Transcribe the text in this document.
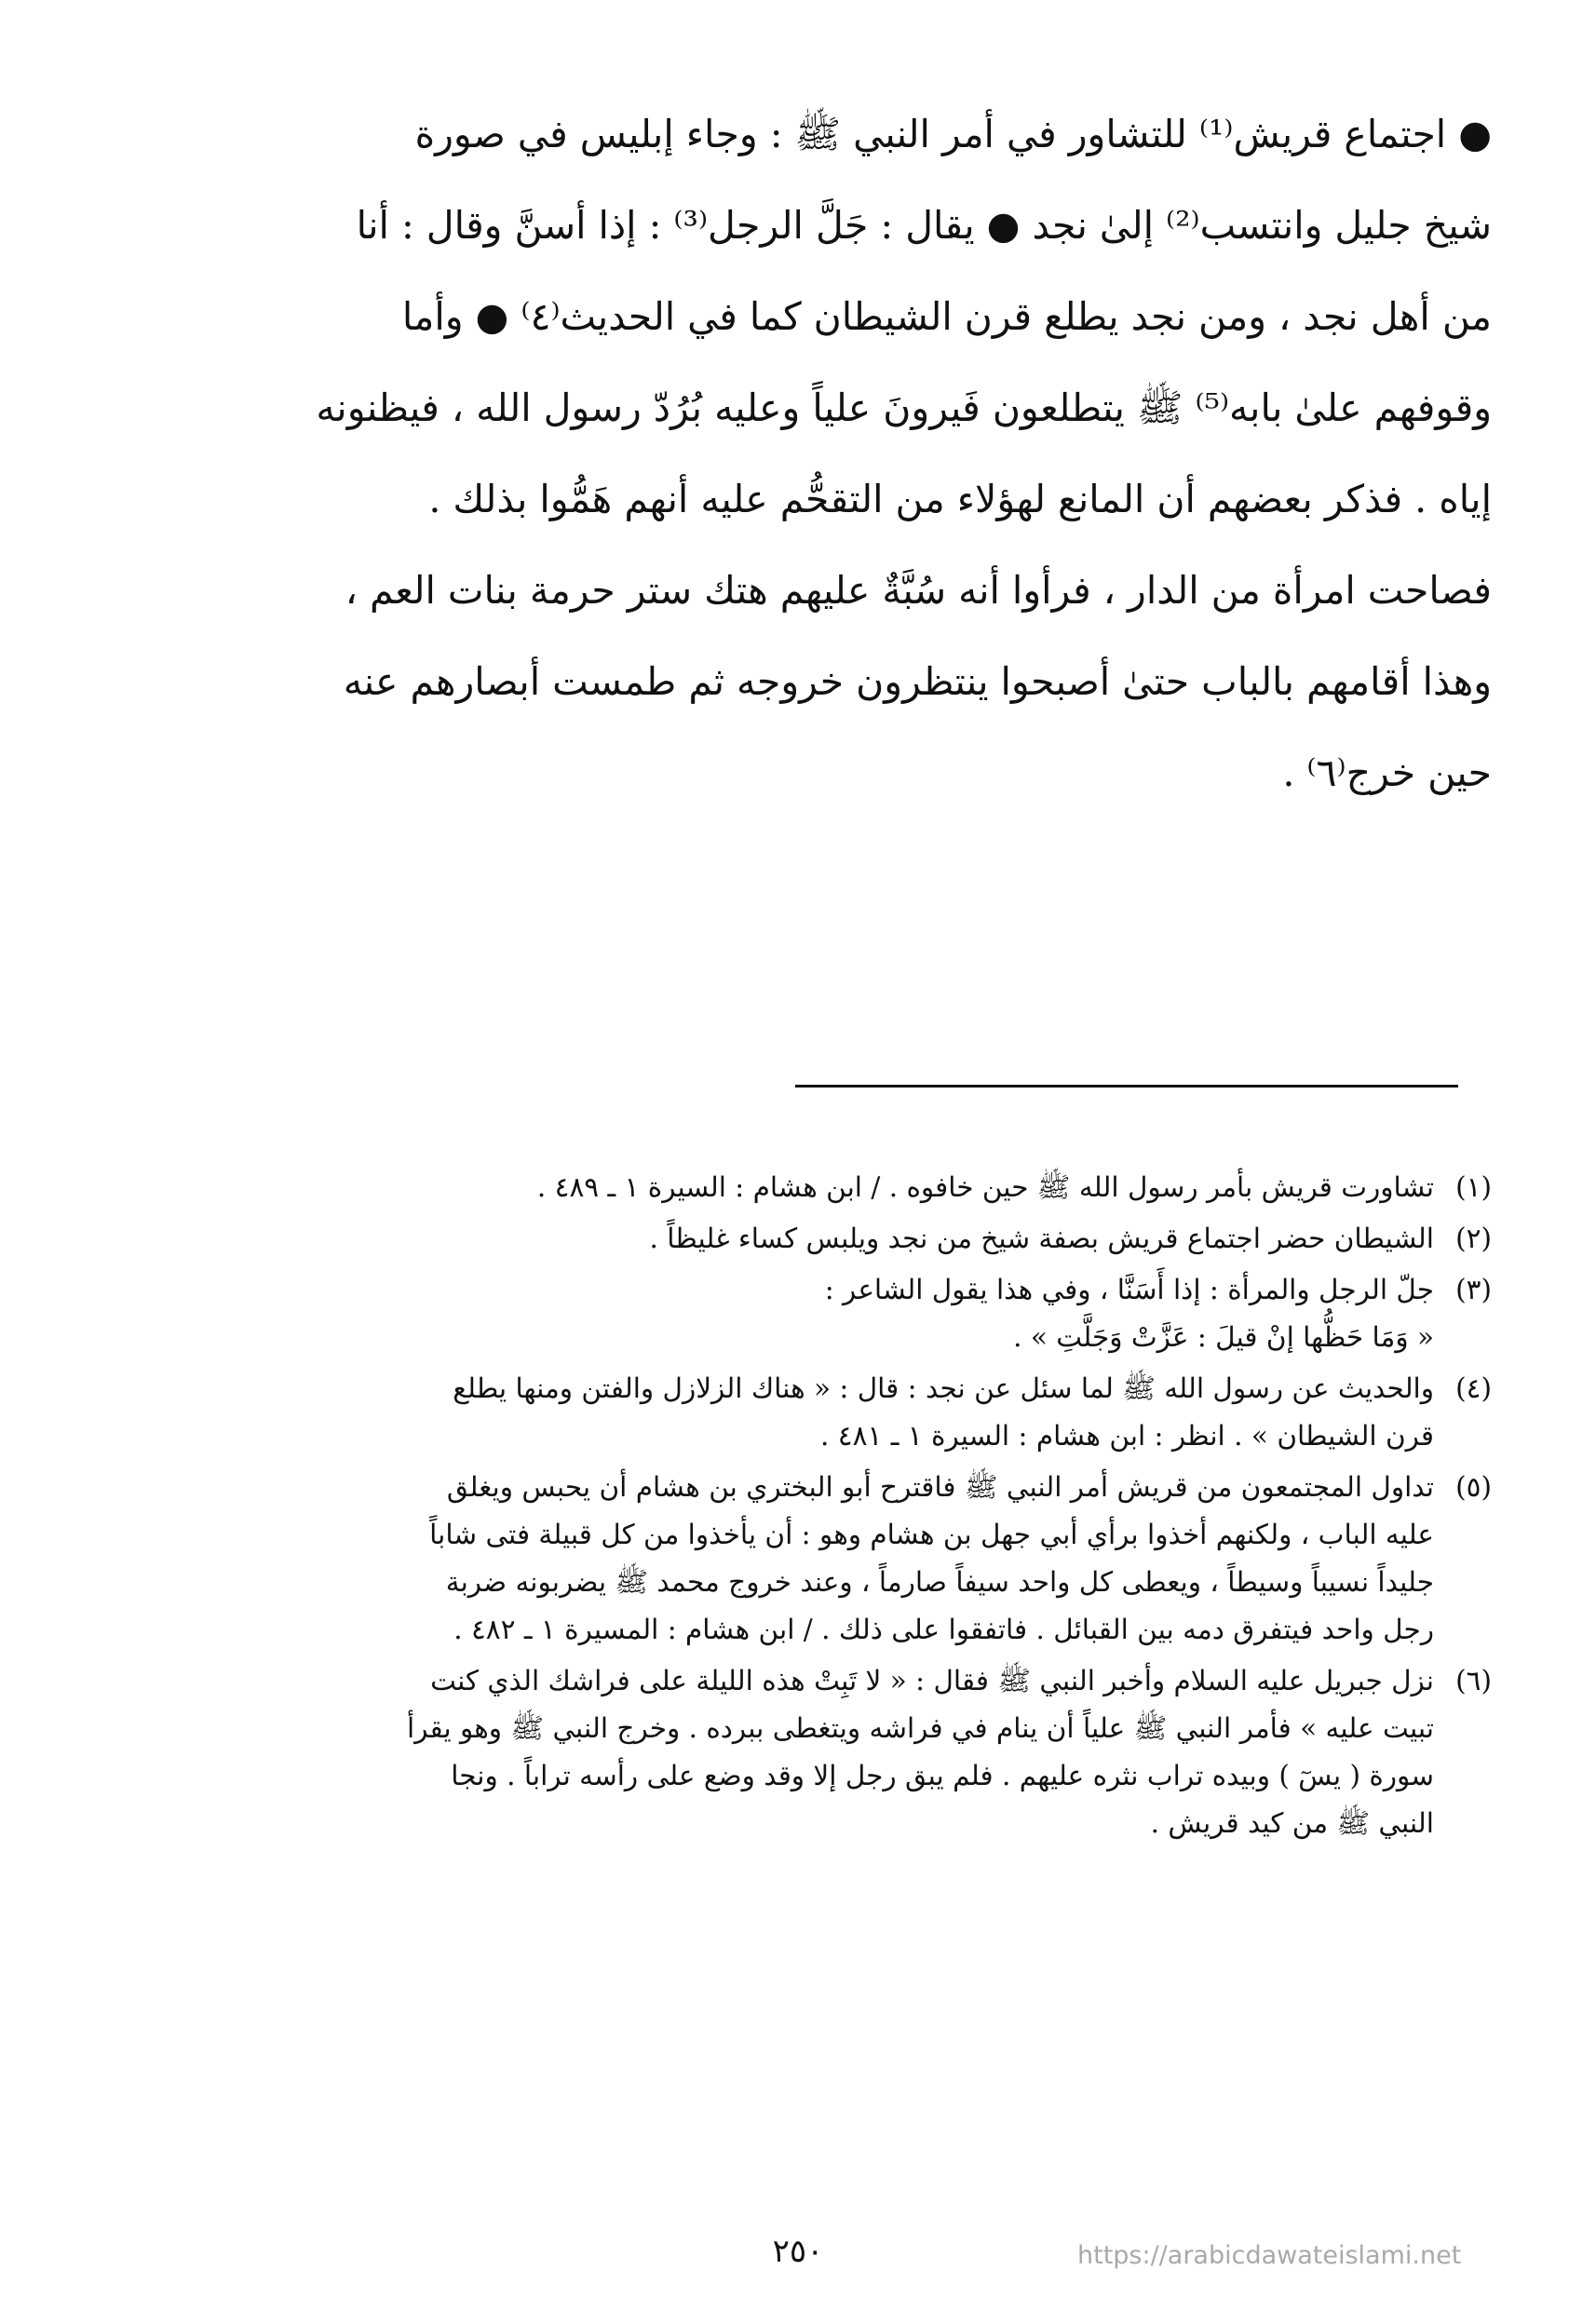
● اجتماع قريش⁽¹⁾ للتشاور في أمر النبي ﷺ : وجاء إبليس في صورة
شيخ جليل وانتسب⁽²⁾ إلىٰ نجد ● يقال : جَلَّ الرجل⁽³⁾ : إذا أسنَّ وقال : أنا
من أهل نجد ، ومن نجد يطلع قرن الشيطان كما في الحديث⁽٤⁾ ● وأما
وقوفهم علىٰ بابه⁽⁵⁾ ﷺ يتطلعون فَيرونَ علياً وعليه بُرُدّ رسول الله ، فيظنونه
إياه . فذكر بعضهم أن المانع لهؤلاء من التقحُّم عليه أنهم هَمُّوا بذلك .
فصاحت امرأة من الدار ، فرأوا أنه سُبَّةٌ عليهم هتك ستر حرمة بنات العم ،
وهذا أقامهم بالباب حتىٰ أصبحوا ينتظرون خروجه ثم طمست أبصارهم عنه
حين خرج⁽٦⁾ .
(١)
تشاورت قريش بأمر رسول الله ﷺ حين خافوه . / ابن هشام : السيرة ١ ـ ٤٨٩ .
(٢)
الشيطان حضر اجتماع قريش بصفة شيخ من نجد ويلبس كساء غليظاً .
(٣)
جلّ الرجل والمرأة : إذا أَسَنَّا ، وفي هذا يقول الشاعر :
« وَمَا حَظُّها إنْ قيلَ : عَزَّتْ وَجَلَّتِ » .
(٤)
والحديث عن رسول الله ﷺ لما سئل عن نجد : قال : « هناك الزلازل والفتن ومنها يطلع
قرن الشيطان » . انظر : ابن هشام : السيرة ١ ـ ٤٨١ .
(٥)
تداول المجتمعون من قريش أمر النبي ﷺ فاقترح أبو البختري بن هشام أن يحبس ويغلق
عليه الباب ، ولكنهم أخذوا برأي أبي جهل بن هشام وهو : أن يأخذوا من كل قبيلة فتى شاباً
جليداً نسيباً وسيطاً ، ويعطى كل واحد سيفاً صارماً ، وعند خروج محمد ﷺ يضربونه ضربة
رجل واحد فيتفرق دمه بين القبائل . فاتفقوا على ذلك . / ابن هشام : المسيرة ١ ـ ٤٨٢ .
(٦)
نزل جبريل عليه السلام وأخبر النبي ﷺ فقال : « لا تَبِتْ هذه الليلة على فراشك الذي كنت
تبيت عليه » فأمر النبي ﷺ علياً أن ينام في فراشه ويتغطى ببرده . وخرج النبي ﷺ وهو يقرأ
سورة ( يسٓ ) وبيده تراب نثره عليهم . فلم يبق رجل إلا وقد وضع على رأسه تراباً . ونجا
النبي ﷺ من كيد قريش .
٢٥٠	https://arabicdawateislami.net
